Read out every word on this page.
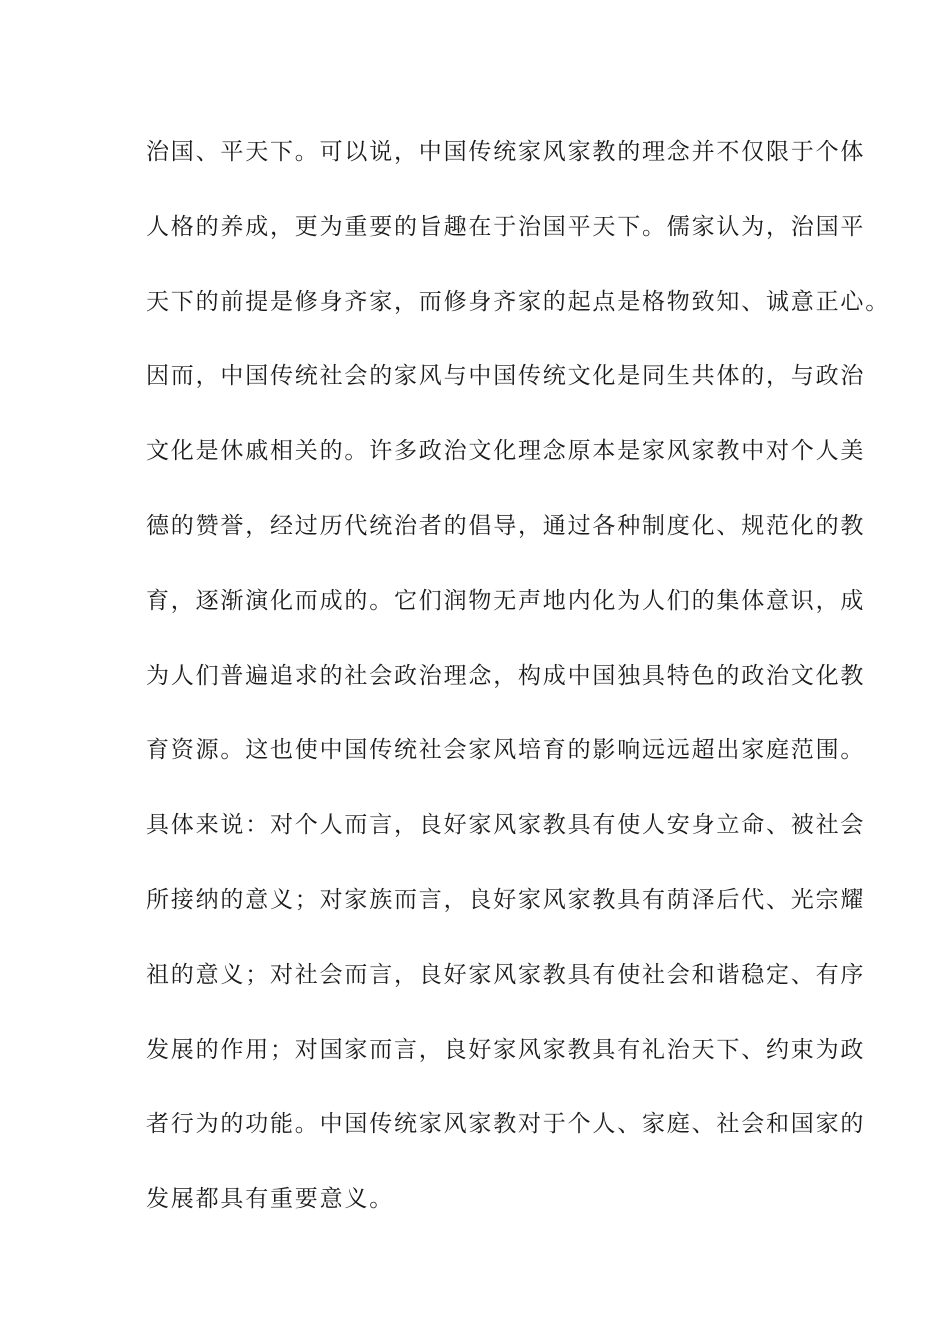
治国、平天下。可以说，中国传统家风家教的理念并不仅限于个体
人格的养成，更为重要的旨趣在于治国平天下。儒家认为，治国平
天下的前提是修身齐家，而修身齐家的起点是格物致知、诚意正心。
因而，中国传统社会的家风与中国传统文化是同生共体的，与政治
文化是休戚相关的。许多政治文化理念原本是家风家教中对个人美
德的赞誉，经过历代统治者的倡导，通过各种制度化、规范化的教
育，逐渐演化而成的。它们润物无声地内化为人们的集体意识，成
为人们普遍追求的社会政治理念，构成中国独具特色的政治文化教
育资源。这也使中国传统社会家风培育的影响远远超出家庭范围。
具体来说：对个人而言，良好家风家教具有使人安身立命、被社会
所接纳的意义；对家族而言，良好家风家教具有荫泽后代、光宗耀
祖的意义；对社会而言，良好家风家教具有使社会和谐稳定、有序
发展的作用；对国家而言，良好家风家教具有礼治天下、约束为政
者行为的功能。中国传统家风家教对于个人、家庭、社会和国家的
发展都具有重要意义。
